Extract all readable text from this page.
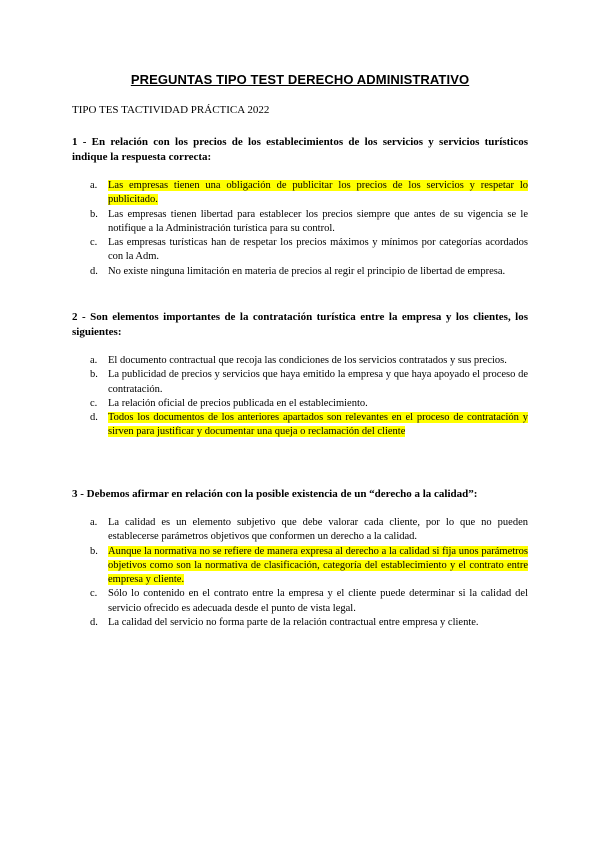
PREGUNTAS TIPO TEST DERECHO ADMINISTRATIVO
TIPO TES TACTIVIDAD PRÁCTICA 2022
1 - En relación con los precios de los establecimientos de los servicios y servicios turísticos indique la respuesta correcta:
a. Las empresas tienen una obligación de publicitar los precios de los servicios y respetar lo publicitado.
b. Las empresas tienen libertad para establecer los precios siempre que antes de su vigencia se le notifique a la Administración turística para su control.
c. Las empresas turísticas han de respetar los precios máximos y mínimos por categorías acordados con la Adm.
d. No existe ninguna limitación en materia de precios al regir el principio de libertad de empresa.
2 - Son elementos importantes de la contratación turística entre la empresa y los clientes, los siguientes:
a. El documento contractual que recoja las condiciones de los servicios contratados y sus precios.
b. La publicidad de precios y servicios que haya emitido la empresa y que haya apoyado el proceso de contratación.
c. La relación oficial de precios publicada en el establecimiento.
d. Todos los documentos de los anteriores apartados son relevantes en el proceso de contratación y sirven para justificar y documentar una queja o reclamación del cliente
3 - Debemos afirmar en relación con la posible existencia de un “derecho a la calidad”:
a. La calidad es un elemento subjetivo que debe valorar cada cliente, por lo que no pueden establecerse parámetros objetivos que conformen un derecho a la calidad.
b. Aunque la normativa no se refiere de manera expresa al derecho a la calidad si fija unos parámetros objetivos como son la normativa de clasificación, categoría del establecimiento y el contrato entre empresa y cliente.
c. Sólo lo contenido en el contrato entre la empresa y el cliente puede determinar si la calidad del servicio ofrecido es adecuada desde el punto de vista legal.
d. La calidad del servicio no forma parte de la relación contractual entre empresa y cliente.
